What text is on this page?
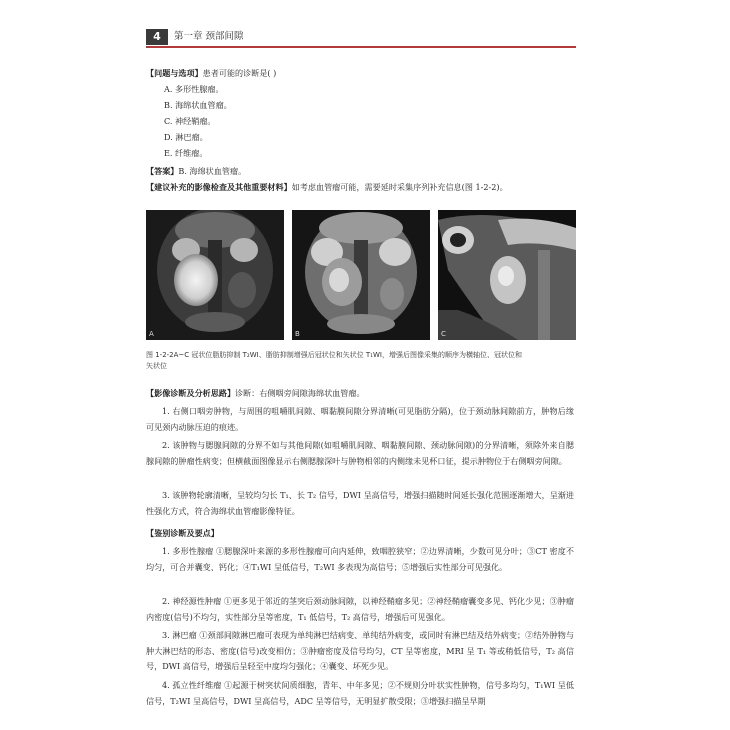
4	第一章 颈部间隙
【问题与选项】患者可能的诊断是( )
A. 多形性腺瘤。
B. 海绵状血管瘤。
C. 神经鞘瘤。
D. 淋巴瘤。
E. 纤维瘤。
【答案】B. 海绵状血管瘤。
【建议补充的影像检查及其他重要材料】如考虑血管瘤可能，需要延时采集序列补充信息(图 1-2-2)。
A	B	C
图 1-2-2A~C 冠状位脂肪抑制 T₂WI、脂肪抑制增强后冠状位和矢状位 T₁WI，增强后图像采集的顺序为横轴位、冠状位和
矢状位
【影像诊断及分析思路】诊断：右侧咽旁间隙海绵状血管瘤。
1. 右侧口咽旁肿物，与周围的咀嚼肌间隙、咽黏膜间隙分界清晰(可见脂肪分隔)，位于颈动脉间隙前方，肿物后缘可见颈内动脉压迫的痕迹。
2. 该肿物与腮腺间隙的分界不如与其他间隙(如咀嚼肌间隙、咽黏膜间隙、颈动脉间隙)的分界清晰，须除外来自腮腺间隙的肿瘤性病变；但横截面图像显示右侧腮腺深叶与肿物相邻的内侧缘未见杯口征，提示肿物位于右侧咽旁间隙。
3. 该肿物轮廓清晰，呈较均匀长 T₁、长 T₂ 信号，DWI 呈高信号，增强扫描随时间延长强化范围逐渐增大，呈渐进性强化方式，符合海绵状血管瘤影像特征。
【鉴别诊断及要点】
1. 多形性腺瘤 ①腮腺深叶来源的多形性腺瘤可向内延伸，致咽腔狭窄；②边界清晰，少数可见分叶；③CT 密度不均匀，可合并囊变、钙化；④T₁WI 呈低信号，T₂WI 多表现为高信号；⑤增强后实性部分可见强化。
2. 神经源性肿瘤 ①更多见于邻近的茎突后颈动脉间隙，以神经鞘瘤多见；②神经鞘瘤囊变多见、钙化少见；③肿瘤内密度(信号)不均匀，实性部分呈等密度，T₁ 低信号，T₂ 高信号，增强后可见强化。
3. 淋巴瘤 ①颈部间隙淋巴瘤可表现为单纯淋巴结病变、单纯结外病变，或同时有淋巴结及结外病变；②结外肿物与肿大淋巴结的形态、密度(信号)改变相仿；③肿瘤密度及信号均匀，CT 呈等密度，MRI 呈 T₁ 等或稍低信号，T₂ 高信号，DWI 高信号，增强后呈轻至中度均匀强化；④囊变、坏死少见。
4. 孤立性纤维瘤 ①起源于树突状间质细胞，青年、中年多见；②不规则分叶状实性肿物，信号多均匀，T₁WI 呈低信号，T₂WI 呈高信号，DWI 呈高信号，ADC 呈等信号，无明显扩散受限；③增强扫描呈早期
